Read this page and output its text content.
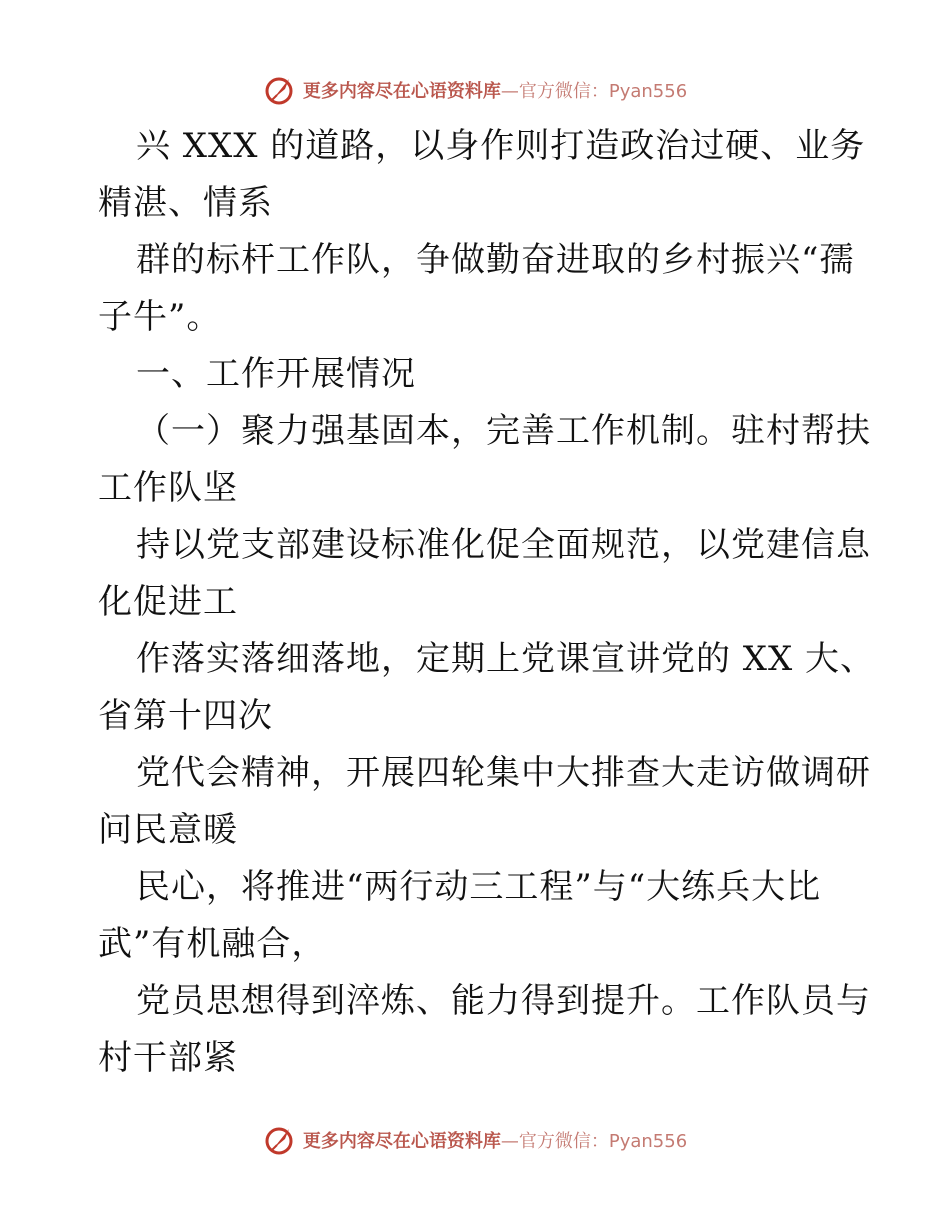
更多内容尽在心语资料库—官方微信：Pyan556
兴 XXX 的道路，以身作则打造政治过硬、业务
精湛、情系
群的标杆工作队，争做勤奋进取的乡村振兴“孺
子牛”。
一、工作开展情况
（一）聚力强基固本，完善工作机制。驻村帮扶
工作队坚
持以党支部建设标准化促全面规范，以党建信息
化促进工
作落实落细落地，定期上党课宣讲党的 XX 大、
省第十四次
党代会精神，开展四轮集中大排查大走访做调研
问民意暖
民心，将推进“两行动三工程”与“大练兵大比
武”有机融合，
党员思想得到淬炼、能力得到提升。工作队员与
村干部紧
更多内容尽在心语资料库—官方微信：Pyan556
